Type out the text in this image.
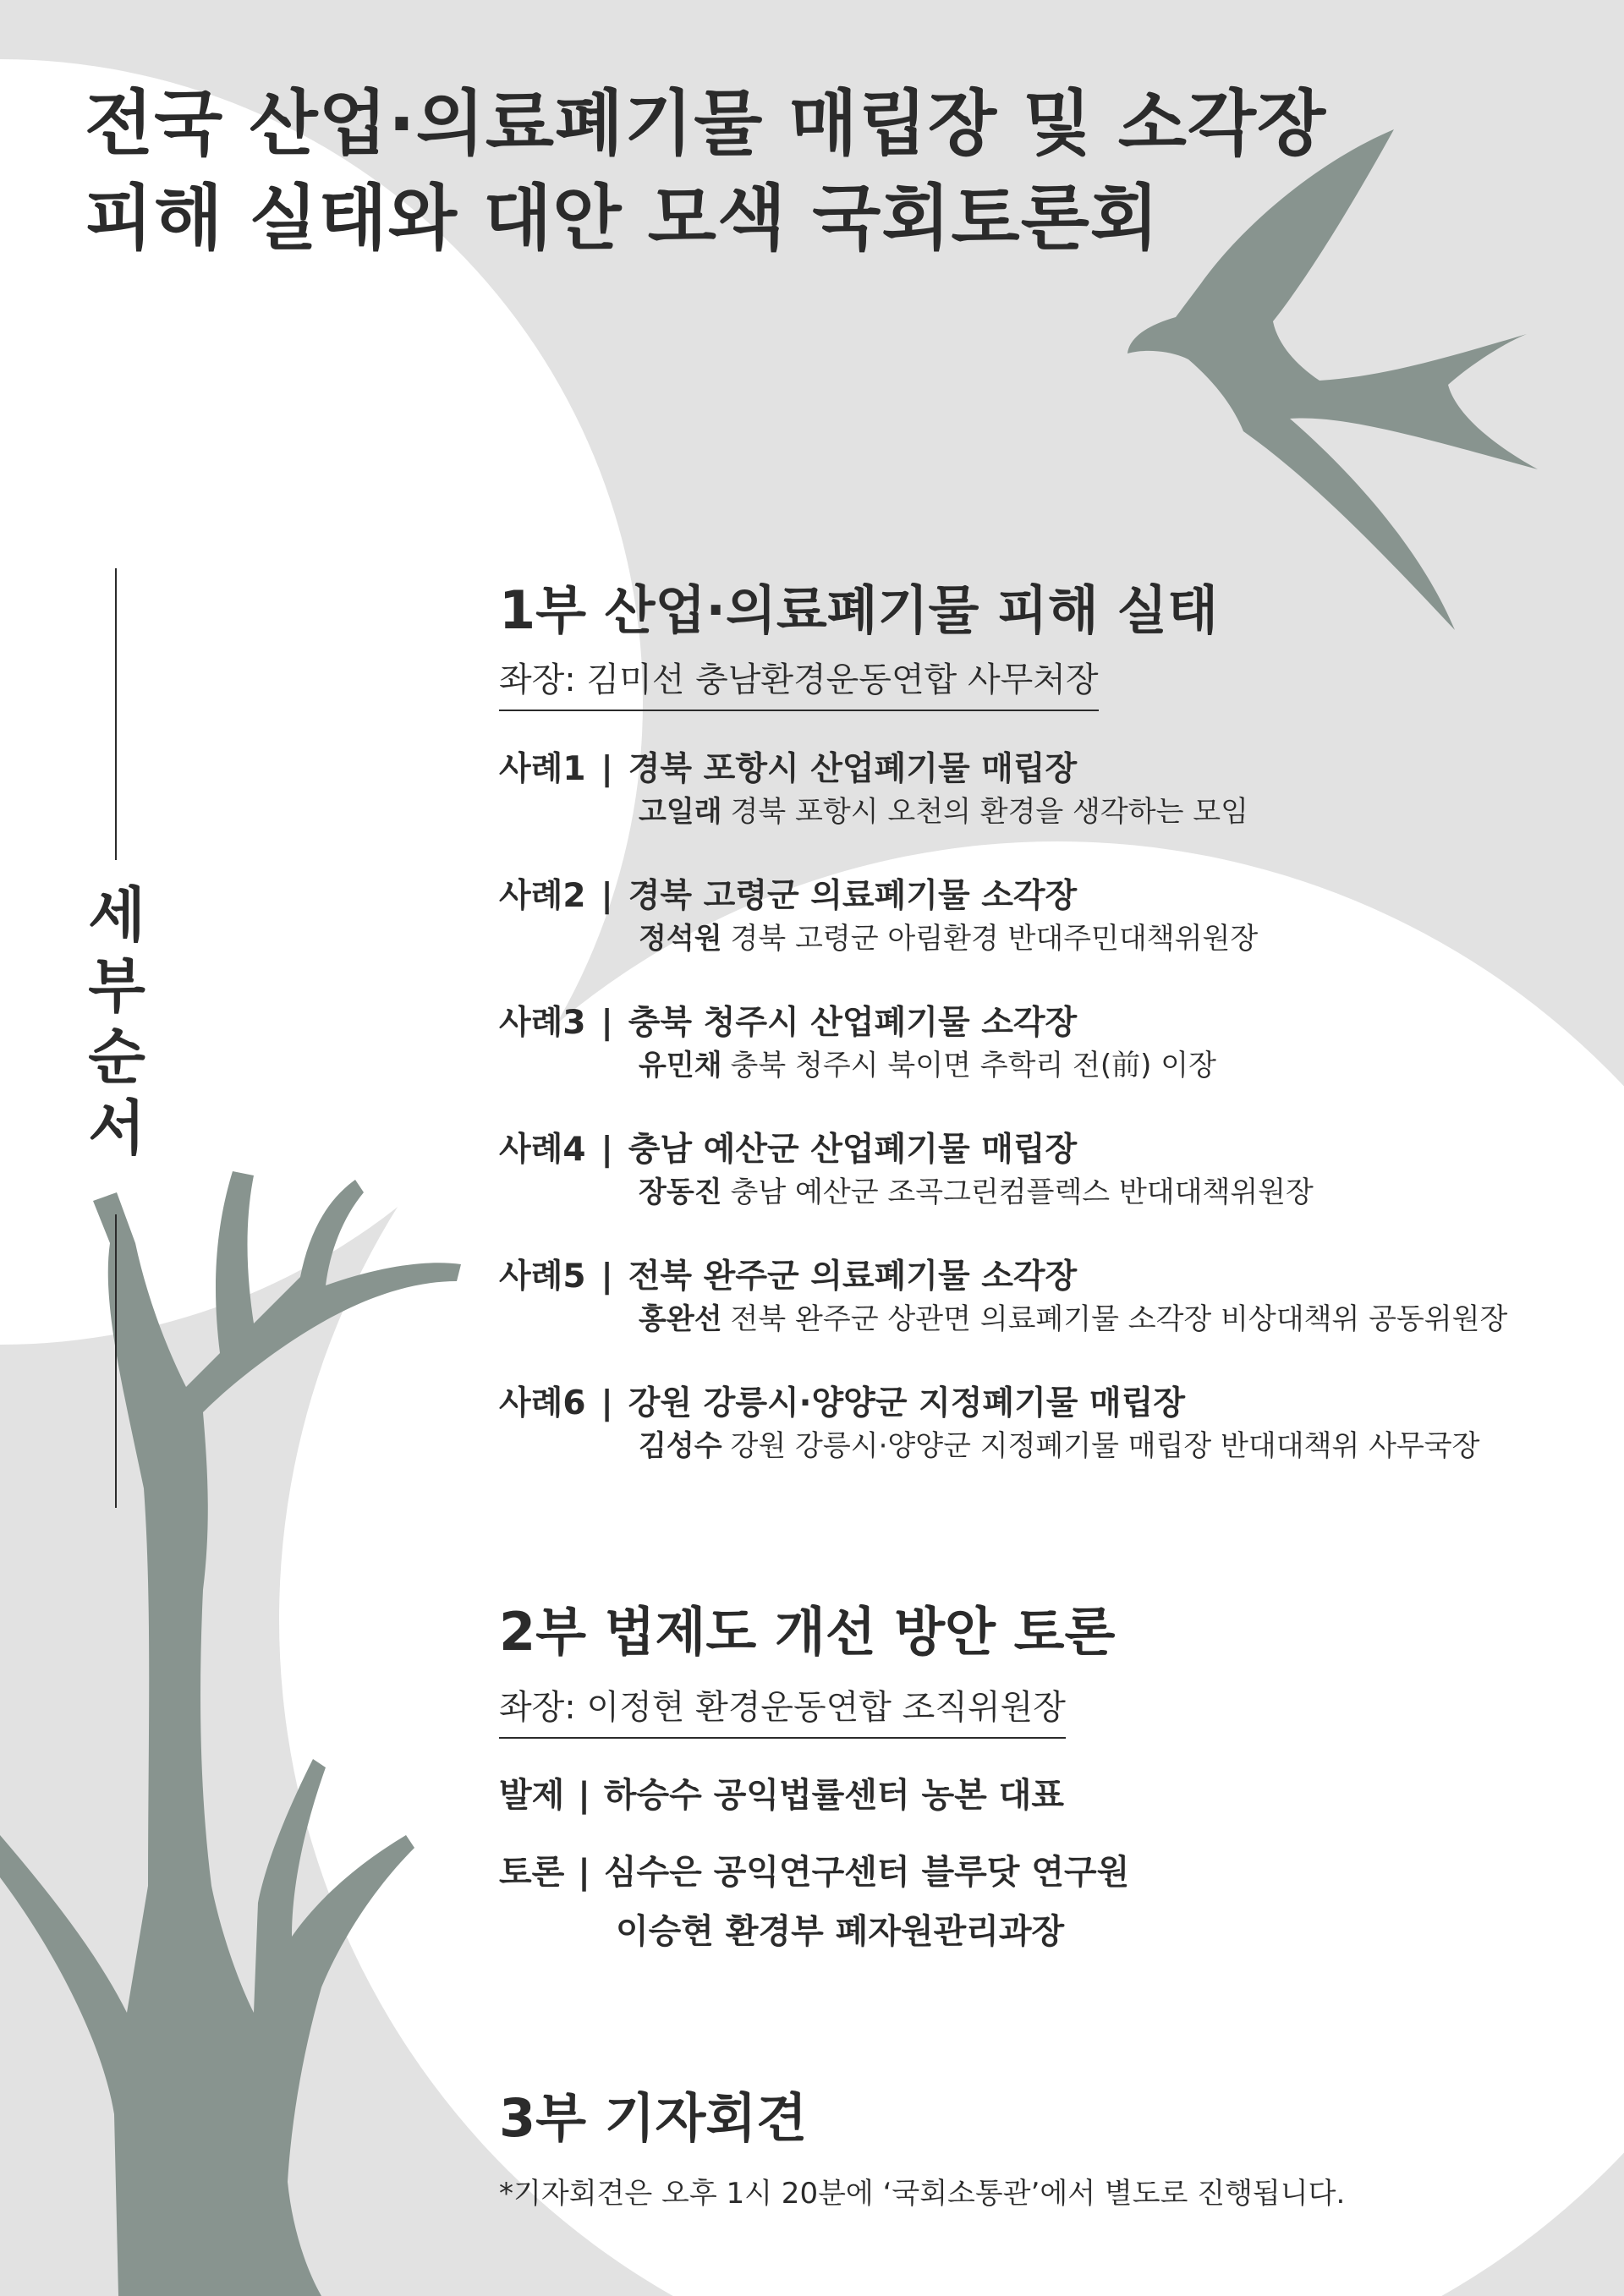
전국 산업·의료폐기물 매립장 및 소각장
피해 실태와 대안 모색 국회토론회
세
부
순
서
1부 산업·의료폐기물 피해 실태
좌장: 김미선 충남환경운동연합 사무처장
사례1 | 경북 포항시 산업폐기물 매립장
고일래 경북 포항시 오천의 환경을 생각하는 모임
사례2 | 경북 고령군 의료폐기물 소각장
정석원 경북 고령군 아림환경 반대주민대책위원장
사례3 | 충북 청주시 산업폐기물 소각장
유민채 충북 청주시 북이면 추학리 전(前) 이장
사례4 | 충남 예산군 산업폐기물 매립장
장동진 충남 예산군 조곡그린컴플렉스 반대대책위원장
사례5 | 전북 완주군 의료폐기물 소각장
홍완선 전북 완주군 상관면 의료폐기물 소각장 비상대책위 공동위원장
사례6 | 강원 강릉시·양양군 지정폐기물 매립장
김성수 강원 강릉시·양양군 지정폐기물 매립장 반대대책위 사무국장
2부 법제도 개선 방안 토론
좌장: 이정현 환경운동연합 조직위원장
발제 | 하승수 공익법률센터 농본 대표
토론 | 심수은 공익연구센터 블루닷 연구원
이승현 환경부 폐자원관리과장
3부 기자회견
*기자회견은 오후 1시 20분에 ‘국회소통관’에서 별도로 진행됩니다.
